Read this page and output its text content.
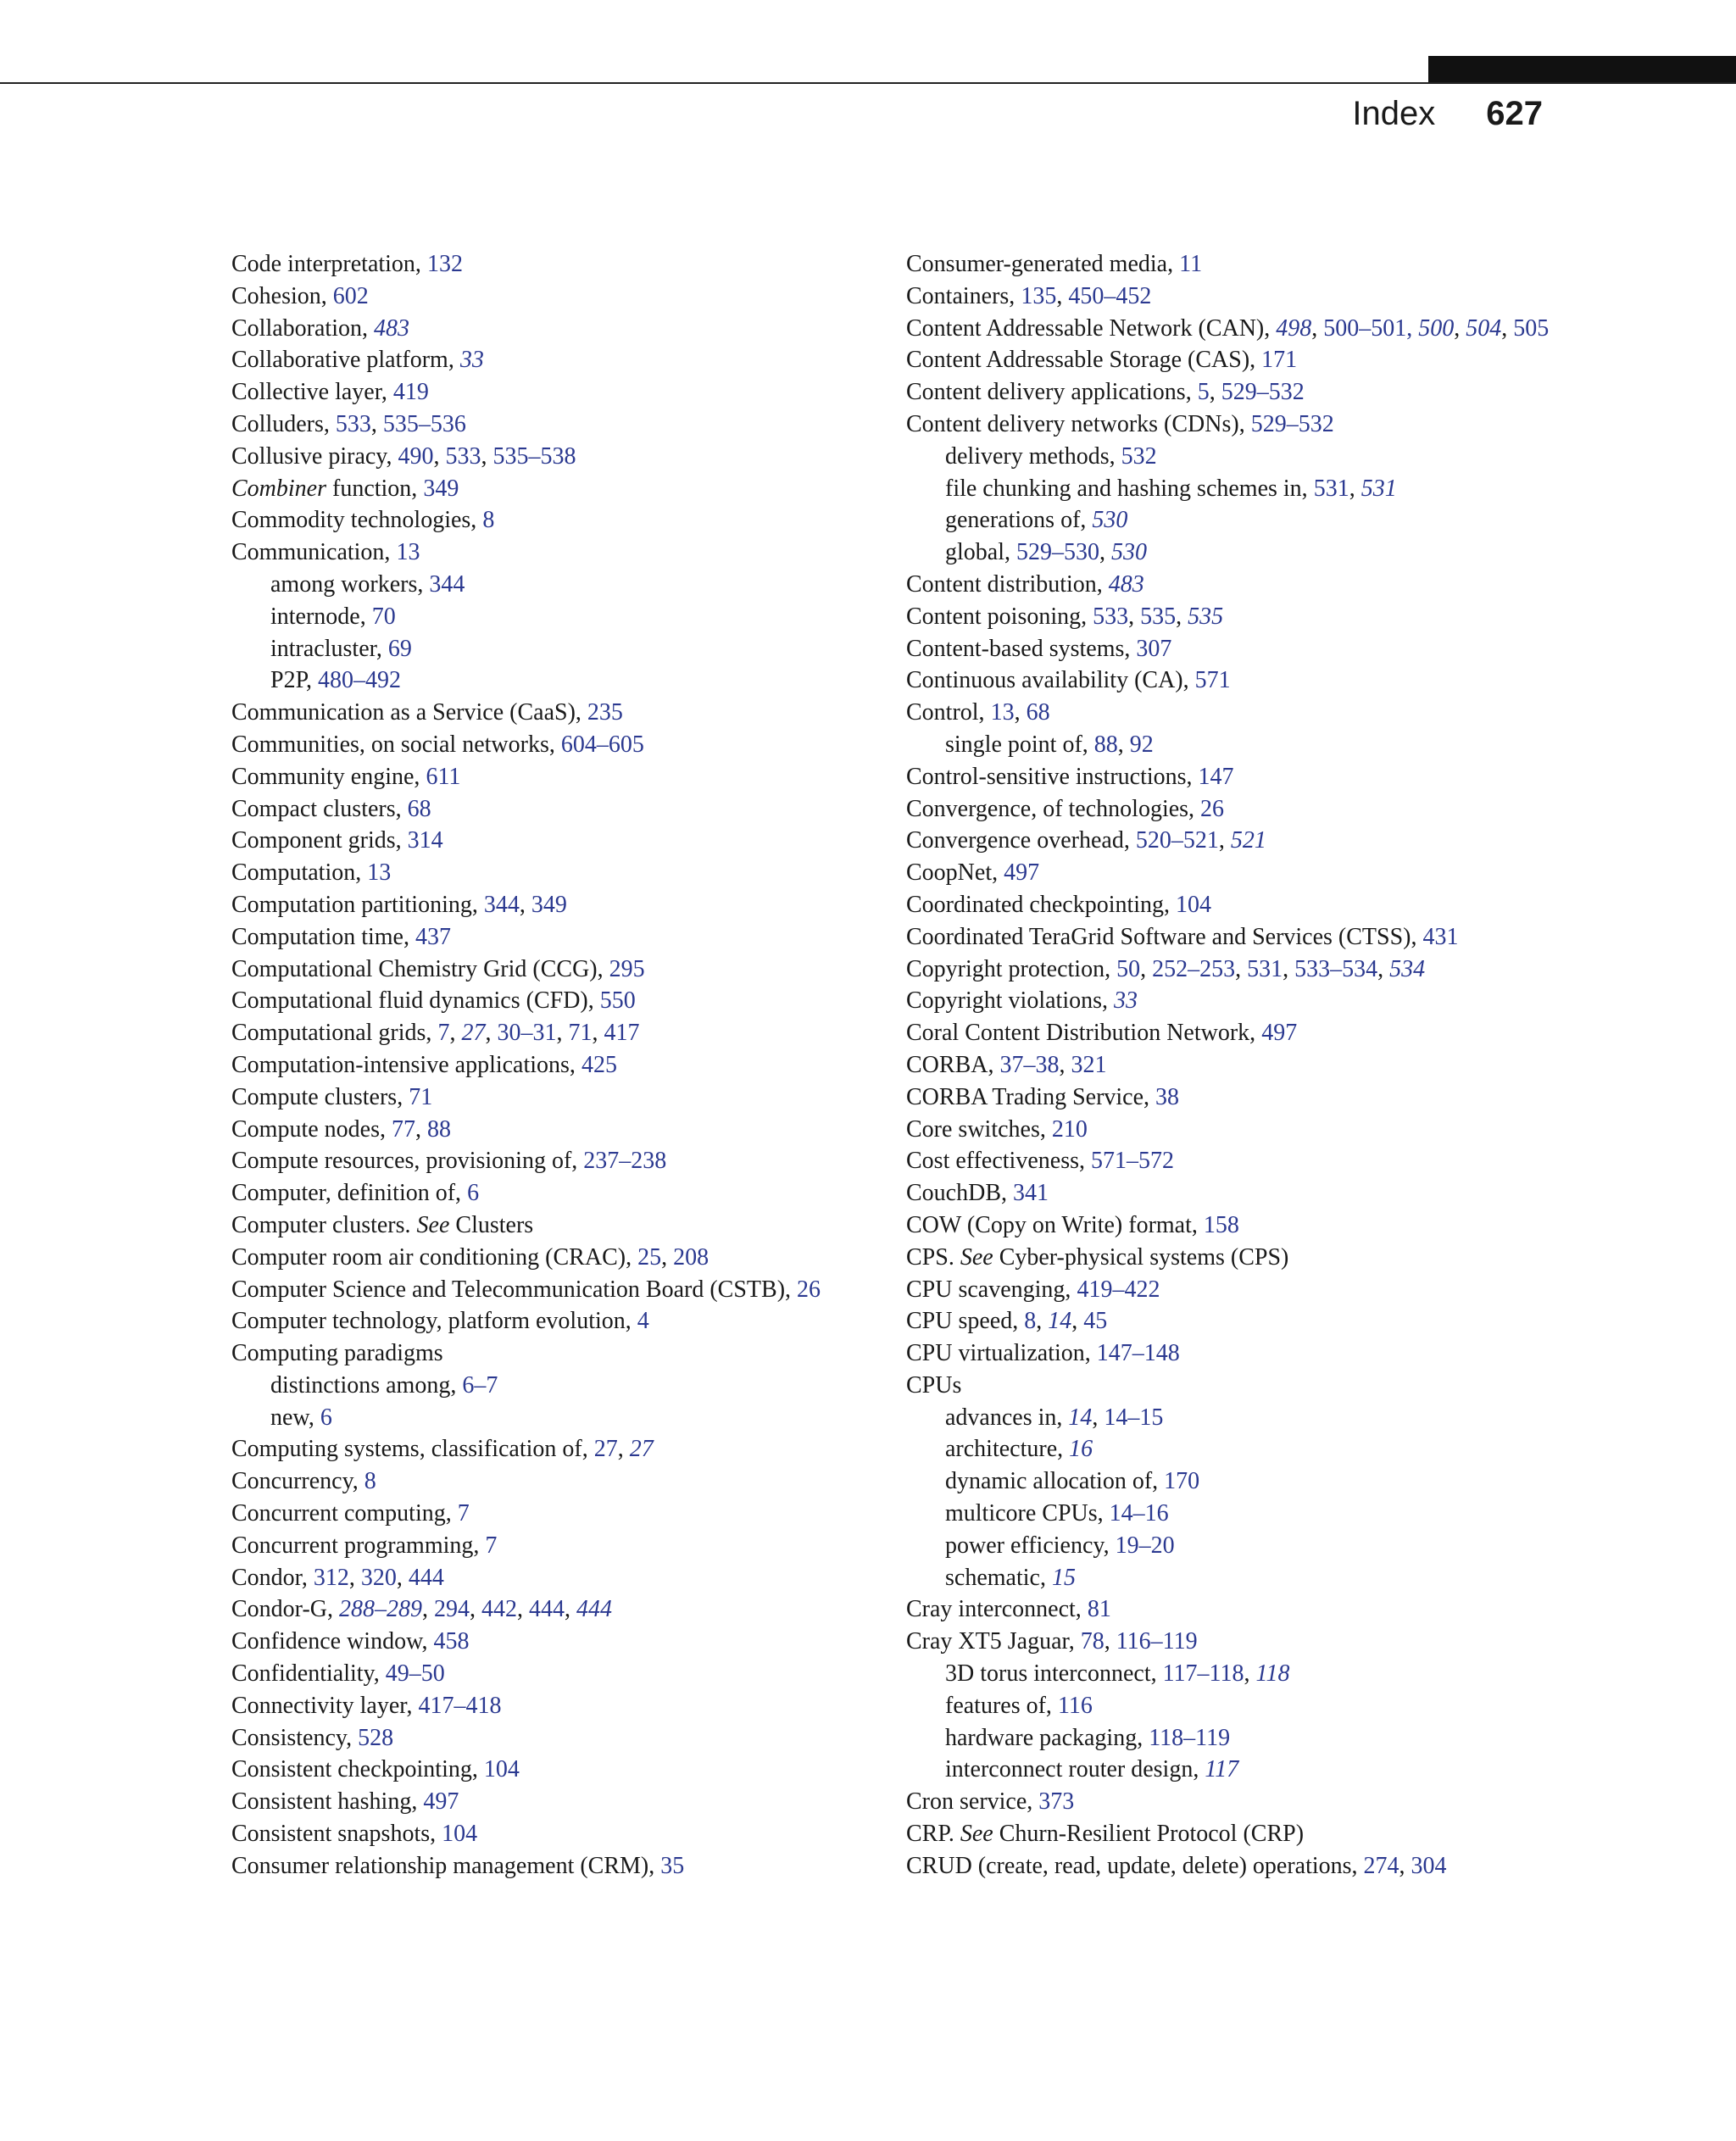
Index 627
Code interpretation, 132
Cohesion, 602
Collaboration, 483
Collaborative platform, 33
Collective layer, 419
Colluders, 533, 535–536
Collusive piracy, 490, 533, 535–538
Combiner function, 349
Commodity technologies, 8
Communication, 13
among workers, 344
internode, 70
intracluster, 69
P2P, 480–492
Communication as a Service (CaaS), 235
Communities, on social networks, 604–605
Community engine, 611
Compact clusters, 68
Component grids, 314
Computation, 13
Computation partitioning, 344, 349
Computation time, 437
Computational Chemistry Grid (CCG), 295
Computational fluid dynamics (CFD), 550
Computational grids, 7, 27, 30–31, 71, 417
Computation-intensive applications, 425
Compute clusters, 71
Compute nodes, 77, 88
Compute resources, provisioning of, 237–238
Computer, definition of, 6
Computer clusters. See Clusters
Computer room air conditioning (CRAC), 25, 208
Computer Science and Telecommunication Board (CSTB), 26
Computer technology, platform evolution, 4
Computing paradigms
distinctions among, 6–7
new, 6
Computing systems, classification of, 27, 27
Concurrency, 8
Concurrent computing, 7
Concurrent programming, 7
Condor, 312, 320, 444
Condor-G, 288–289, 294, 442, 444, 444
Confidence window, 458
Confidentiality, 49–50
Connectivity layer, 417–418
Consistency, 528
Consistent checkpointing, 104
Consistent hashing, 497
Consistent snapshots, 104
Consumer relationship management (CRM), 35
Consumer-generated media, 11
Containers, 135, 450–452
Content Addressable Network (CAN), 498, 500–501, 500, 504, 505
Content Addressable Storage (CAS), 171
Content delivery applications, 5, 529–532
Content delivery networks (CDNs), 529–532
delivery methods, 532
file chunking and hashing schemes in, 531, 531
generations of, 530
global, 529–530, 530
Content distribution, 483
Content poisoning, 533, 535, 535
Content-based systems, 307
Continuous availability (CA), 571
Control, 13, 68
single point of, 88, 92
Control-sensitive instructions, 147
Convergence, of technologies, 26
Convergence overhead, 520–521, 521
CoopNet, 497
Coordinated checkpointing, 104
Coordinated TeraGrid Software and Services (CTSS), 431
Copyright protection, 50, 252–253, 531, 533–534, 534
Copyright violations, 33
Coral Content Distribution Network, 497
CORBA, 37–38, 321
CORBA Trading Service, 38
Core switches, 210
Cost effectiveness, 571–572
CouchDB, 341
COW (Copy on Write) format, 158
CPS. See Cyber-physical systems (CPS)
CPU scavenging, 419–422
CPU speed, 8, 14, 45
CPU virtualization, 147–148
CPUs
advances in, 14, 14–15
architecture, 16
dynamic allocation of, 170
multicore CPUs, 14–16
power efficiency, 19–20
schematic, 15
Cray interconnect, 81
Cray XT5 Jaguar, 78, 116–119
3D torus interconnect, 117–118, 118
features of, 116
hardware packaging, 118–119
interconnect router design, 117
Cron service, 373
CRP. See Churn-Resilient Protocol (CRP)
CRUD (create, read, update, delete) operations, 274, 304
